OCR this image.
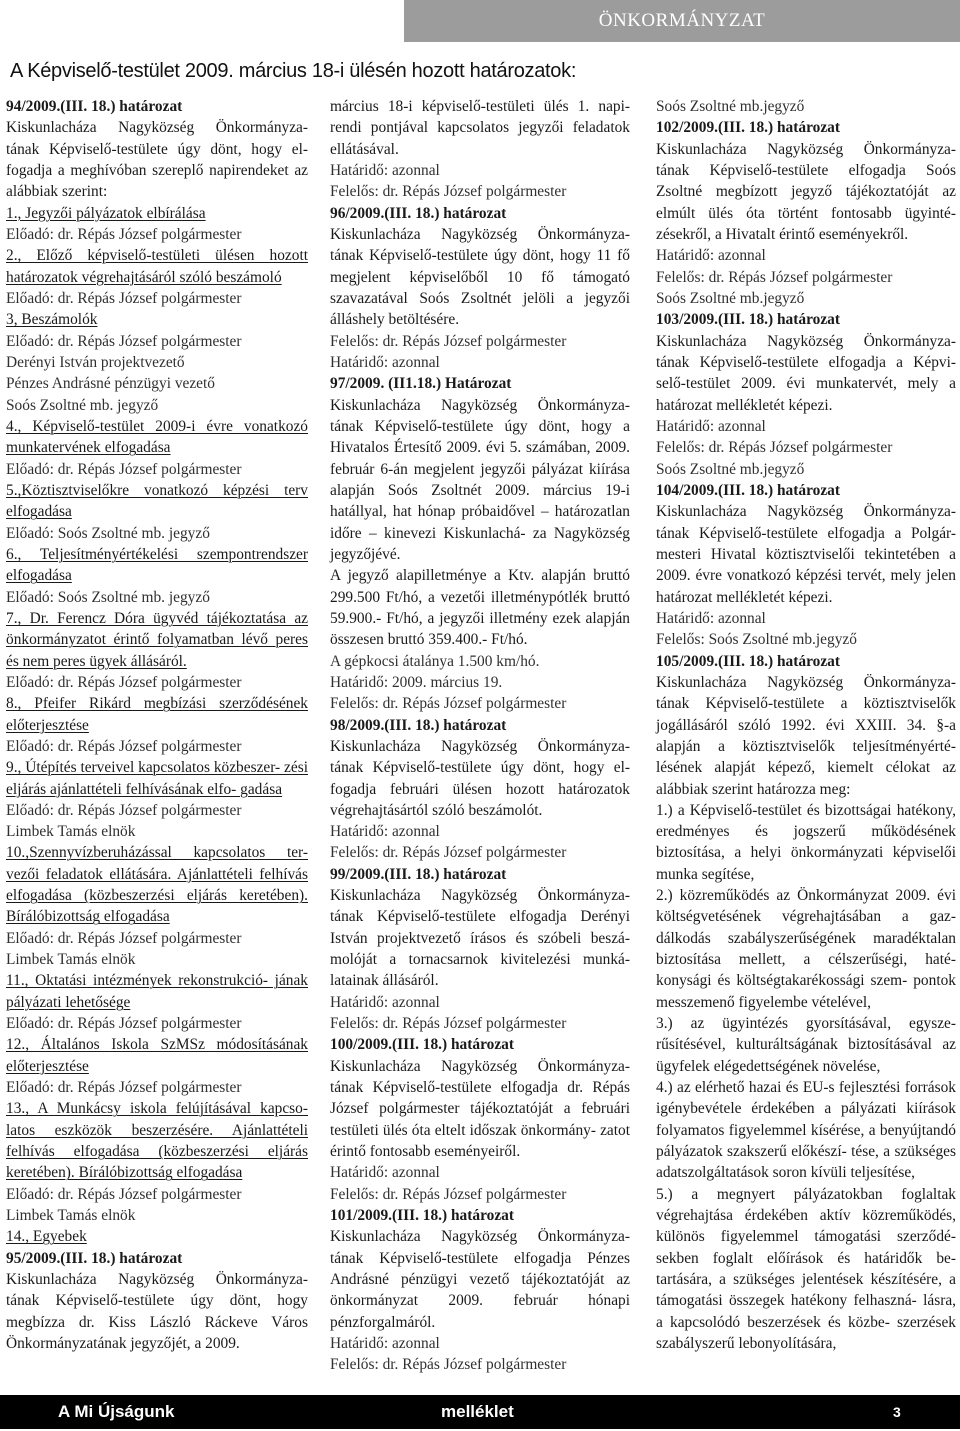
ÖNKORMÁNYZAT
A Képviselő-testület 2009. március 18-i ülésén hozott határozatok:

94/2009.(III. 18.) határozat

Kiskunlacháza Nagyközség Önkormányza- tának Képviselő-testülete úgy dönt, hogy el- fogadja a meghívóban szereplő napirendeket az alábbiak szerint:

1., Jegyzői pályázatok elbírálása

Előadó: dr. Répás József polgármester

2., Előző képviselő-testületi ülésen hozott határozatok végrehajtásáról szóló beszámoló

Előadó: dr. Répás József polgármester

3, Beszámolók

Előadó: dr. Répás József polgármester

Derényi István projektvezető

Pénzes Andrásné pénzügyi vezető

Soós Zsoltné mb. jegyző

4., Képviselő-testület 2009-i évre vonatkozó munkatervének elfogadása

Előadó: dr. Répás József polgármester

5.,Köztisztviselőkre vonatkozó képzési terv elfogadása

Előadó: Soós Zsoltné mb. jegyző

6., Teljesítményértékelési szempontrendszer elfogadása

Előadó: Soós Zsoltné mb. jegyző

7., Dr. Ferencz Dóra ügyvéd tájékoztatása az önkormányzatot érintő folyamatban lévő peres és nem peres ügyek állásáról.

Előadó: dr. Répás József polgármester

8., Pfeifer Rikárd megbízási szerződésének előterjesztése

Előadó: dr. Répás József polgármester

9., Útépítés terveivel kapcsolatos közbeszer- zési eljárás ajánlattételi felhívásának elfo- gadása

Előadó: dr. Répás József polgármester

Limbek Tamás elnök

10.,Szennyvízberuházással kapcsolatos ter- vezői feladatok ellátására. Ajánlattételi felhívás elfogadása (közbeszerzési eljárás keretében). Bírálóbizottság elfogadása

Előadó: dr. Répás József polgármester

Limbek Tamás elnök

11., Oktatási intézmények rekonstrukció- jának pályázati lehetősége

Előadó: dr. Répás József polgármester

12., Általános Iskola SzMSz módosításának előterjesztése

Előadó: dr. Répás József polgármester

13., A Munkácsy iskola felújításával kapcso- latos eszközök beszerzésére. Ajánlattételi felhívás elfogadása (közbeszerzési eljárás keretében). Bírálóbizottság elfogadása

Előadó: dr. Répás József polgármester

Limbek Tamás elnök

14., Egyebek

95/2009.(III. 18.) határozat

Kiskunlacháza Nagyközség Önkormányza- tának Képviselő-testülete úgy dönt, hogy megbízza dr. Kiss László Ráckeve Város Önkormányzatának jegyzőjét, a 2009.

március 18-i képviselő-testületi ülés 1. napi- rendi pontjával kapcsolatos jegyzői feladatok ellátásával.

Határidő: azonnal

Felelős: dr. Répás József polgármester

96/2009.(III. 18.) határozat

Kiskunlacháza Nagyközség Önkormányza- tának Képviselő-testülete úgy dönt, hogy 11 fő megjelent képviselőből 10 fő támogató szavazatával Soós Zsoltnét jelöli a jegyzői álláshely betöltésére.

Felelős: dr. Répás József polgármester

Határidő: azonnal

97/2009. (II1.18.) Határozat

Kiskunlacháza Nagyközség Önkormányza- tának Képviselő-testülete úgy dönt, hogy a Hivatalos Értesítő 2009. évi 5. számában, 2009. február 6-án megjelent jegyzői pályázat kiírása alapján Soós Zsoltnét 2009. március 19-i hatállyal, hat hónap próbaidővel – határozatlan időre – kinevezi Kiskunlachá- za Nagyközség jegyzőjévé.

A jegyző alapilletménye a Ktv. alapján bruttó 299.500 Ft/hó, a vezetői illetménypótlék bruttó 59.900.- Ft/hó, a jegyzői illetmény ezek alapján összesen bruttó 359.400.- Ft/hó.

A gépkocsi átalánya 1.500 km/hó.

Határidő: 2009. március 19.

Felelős: dr. Répás József polgármester

98/2009.(III. 18.) határozat

Kiskunlacháza Nagyközség Önkormányza- tának Képviselő-testülete úgy dönt, hogy el- fogadja februári ülésen hozott határozatok végrehajtásártól szóló beszámolót.

Határidő: azonnal

Felelős: dr. Répás József polgármester

99/2009.(III. 18.) határozat

Kiskunlacháza Nagyközség Önkormányza- tának Képviselő-testülete elfogadja Derényi István projektvezető írásos és szóbeli beszá- molóját a tornacsarnok kivitelezési munká- latainak állásáról.

Határidő: azonnal

Felelős: dr. Répás József polgármester

100/2009.(III. 18.) határozat

Kiskunlacháza Nagyközség Önkormányza- tának Képviselő-testülete elfogadja dr. Répás József polgármester tájékoztatóját a februári testületi ülés óta eltelt időszak önkormány- zatot érintő fontosabb eseményeiről.

Határidő: azonnal

Felelős: dr. Répás József polgármester

101/2009.(III. 18.) határozat

Kiskunlacháza Nagyközség Önkormányza- tának Képviselő-testülete elfogadja Pénzes Andrásné pénzügyi vezető tájékoztatóját az önkormányzat 2009. február hónapi pénzforgalmáról.

Határidő: azonnal

Felelős: dr. Répás József polgármester

Soós Zsoltné mb.jegyző

102/2009.(III. 18.) határozat

Kiskunlacháza Nagyközség Önkormányza- tának Képviselő-testülete elfogadja Soós Zsoltné megbízott jegyző tájékoztatóját az elmúlt ülés óta történt fontosabb ügyinté- zésekről, a Hivatalt érintő eseményekről.

Határidő: azonnal

Felelős: dr. Répás József polgármester

Soós Zsoltné mb.jegyző

103/2009.(III. 18.) határozat

Kiskunlacháza Nagyközség Önkormányza- tának Képviselő-testülete elfogadja a Képvi- selő-testület 2009. évi munkatervét, mely a határozat mellékletét képezi.

Határidő: azonnal

Felelős: dr. Répás József polgármester

Soós Zsoltné mb.jegyző

104/2009.(III. 18.) határozat

Kiskunlacháza Nagyközség Önkormányza- tának Képviselő-testülete elfogadja a Polgár- mesteri Hivatal köztisztviselői tekintetében a 2009. évre vonatkozó képzési tervét, mely jelen határozat mellékletét képezi.

Határidő: azonnal

Felelős: Soós Zsoltné mb.jegyző

105/2009.(III. 18.) határozat

Kiskunlacháza Nagyközség Önkormányza- tának Képviselő-testülete a köztisztviselők jogállásáról szóló 1992. évi XXIII. 34. §-a alapján a köztisztviselők teljesítményérté- lésének alapját képező, kiemelt célokat az alábbiak szerint határozza meg:

1.) a Képviselő-testület és bizottságai hatékony, eredményes és jogszerű működésének biztosítása, a helyi önkormányzati képviselői munka segítése,

2.) közreműködés az Önkormányzat 2009. évi költségvetésének végrehajtásában a gaz- dálkodás szabályszerűségének maradéktalan biztosítása mellett, a célszerűségi, haté- konysági és költségtakarékossági szem- pontok messzemenő figyelembe vételével,

3.) az ügyintézés gyorsításával, egysze- rűsítésével, kulturáltságának biztosításával az ügyfelek elégedettségének növelése,

4.) az elérhető hazai és EU-s fejlesztési források igénybevétele érdekében a pályázati kiírások folyamatos figyelemmel kísérése, a benyújtandó pályázatok szakszerű előkészí- tése, a szükséges adatszolgáltatások soron kívüli teljesítése,

5.) a megnyert pályázatokban foglaltak végrehajtása érdekében aktív közreműködés, különös figyelemmel támogatási szerződé- sekben foglalt előírások és határidők be- tartására, a szükséges jelentések készítésére, a támogatási összegek hatékony felhaszná- lásra, a kapcsolódó beszerzések és közbe- szerzések szabályszerű lebonyolítására,

A Mi Újságunk	melléklet	3
